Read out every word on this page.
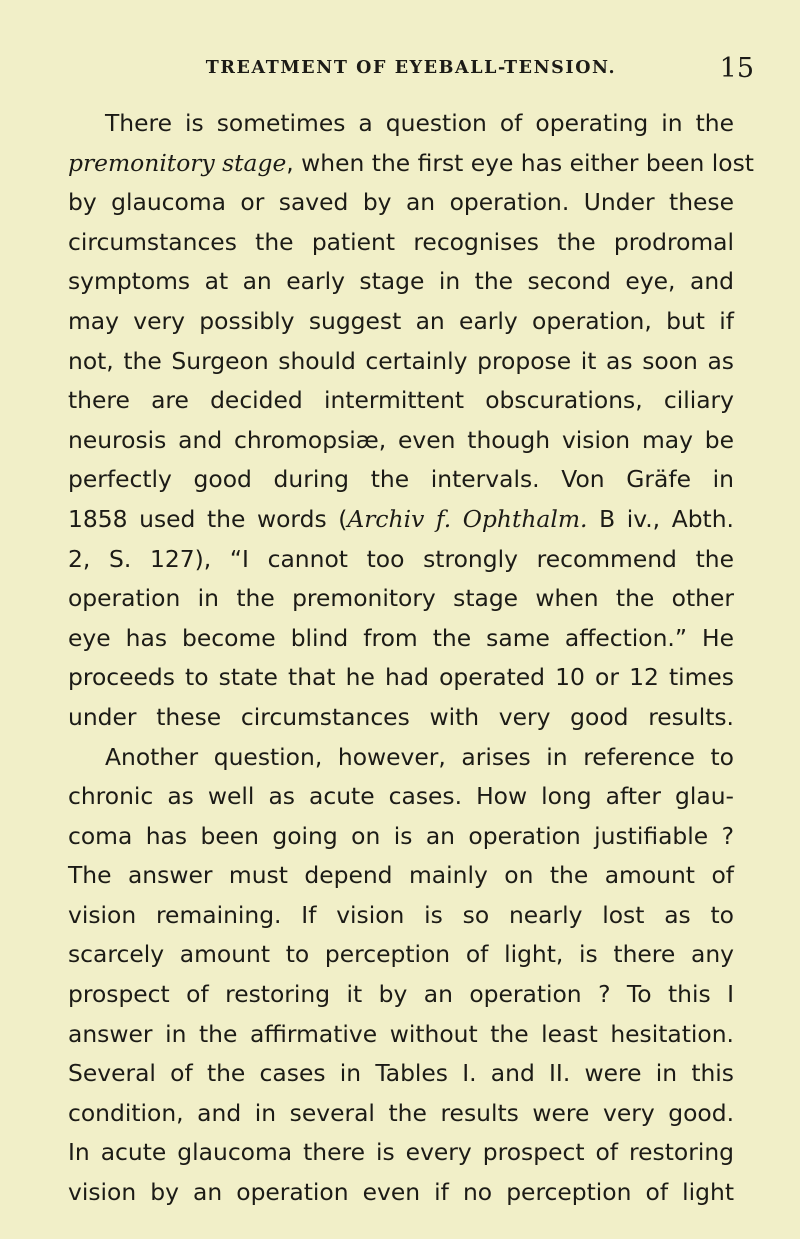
TREATMENT OF EYEBALL-TENSION.	15
There is sometimes a question of operating in the
premonitory stage, when the first eye has either been lost
by glaucoma or saved by an operation. Under these
circumstances the patient recognises the prodromal
symptoms at an early stage in the second eye, and
may very possibly suggest an early operation, but if
not, the Surgeon should certainly propose it as soon as
there are decided intermittent obscurations, ciliary
neurosis and chromopsiæ, even though vision may be
perfectly good during the intervals. Von Gräfe in
1858 used the words (Archiv f. Ophthalm. B iv., Abth.
2, S. 127), “I cannot too strongly recommend the
operation in the premonitory stage when the other
eye has become blind from the same affection.” He
proceeds to state that he had operated 10 or 12 times
under these circumstances with very good results.
Another question, however, arises in reference to
chronic as well as acute cases. How long after glau-
coma has been going on is an operation justifiable ?
The answer must depend mainly on the amount of
vision remaining. If vision is so nearly lost as to
scarcely amount to perception of light, is there any
prospect of restoring it by an operation ? To this I
answer in the affirmative without the least hesitation.
Several of the cases in Tables I. and II. were in this
condition, and in several the results were very good.
In acute glaucoma there is every prospect of restoring
vision by an operation even if no perception of light
